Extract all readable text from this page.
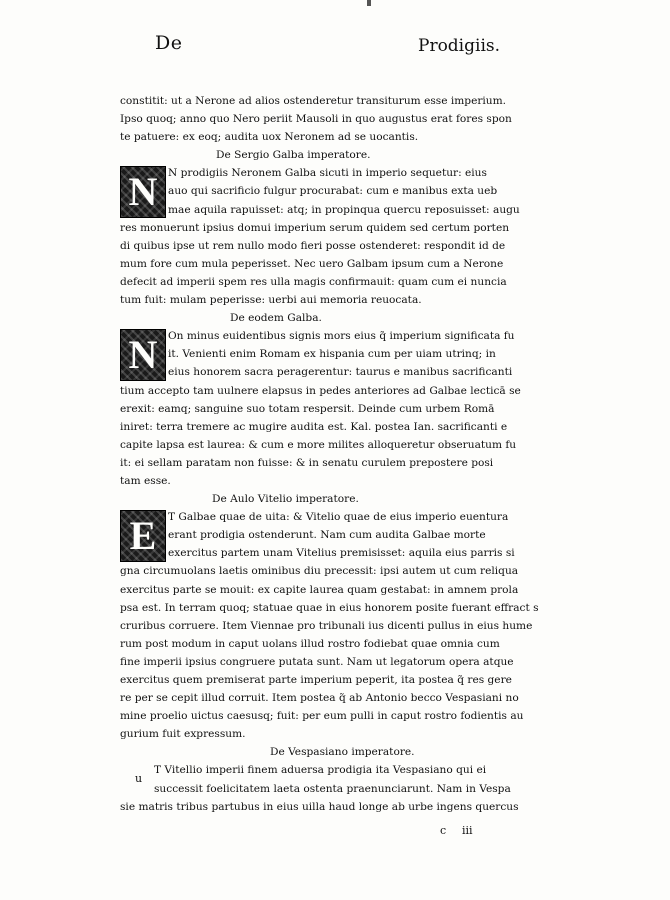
De	Prodigiis.
constitit: ut a Nerone ad alios ostenderetur transiturum esse imperium.
Ipso quoq; anno quo Nero periit Mausoli in quo augustus erat fores spon
te patuere: ex eoq; audita uox Neronem ad se uocantis.
De Sergio Galba imperatore.
N N prodigiis Neronem Galba sicuti in imperio sequetur: eius
auo qui sacrificio fulgur procurabat: cum e manibus exta ueb
mae aquila rapuisset: atq; in propinqua quercu reposuisset: augu
res monuerunt ipsius domui imperium serum quidem sed certum porten
di quibus ipse ut rem nullo modo fieri posse ostenderet: respondit id de
mum fore cum mula peperisset. Nec uero Galbam ipsum cum a Nerone
defecit ad imperii spem res ulla magis confirmauit: quam cum ei nuncia
tum fuit: mulam peperisse: uerbi aui memoria reuocata.
De eodem Galba.
N On minus euidentibus signis mors eius q̃ imperium significata fu
it. Venienti enim Romam ex hispania cum per uiam utrinq; in
eius honorem sacra peragerentur: taurus e manibus sacrificanti
tium accepto tam uulnere elapsus in pedes anteriores ad Galbae lecticā se
erexit: eamq; sanguine suo totam respersit. Deinde cum urbem Romā
iniret: terra tremere ac mugire audita est. Kal. postea Ian. sacrificanti e
capite lapsa est laurea: & cum e more milites alloqueretur obseruatum fu
it: ei sellam paratam non fuisse: & in senatu curulem prepostere posi
tam esse.
De Aulo Vitelio imperatore.
E	T Galbae quae de uita: & Vitelio quae de eius imperio euentura
erant prodigia ostenderunt. Nam cum audita Galbae morte
exercitus partem unam Vitelius premisisset: aquila eius parris si
gna circumuolans laetis ominibus diu precessit: ipsi autem ut cum reliqua
exercitus parte se mouit: ex capite laurea quam gestabat: in amnem prola
psa est. In terram quoq; statuae quae in eius honorem posite fuerant effract s
cruribus corruere. Item Viennae pro tribunali ius dicenti pullus in eius hume
rum post modum in caput uolans illud rostro fodiebat quae omnia cum
fine imperii ipsius congruere putata sunt. Nam ut legatorum opera atque
exercitus quem premiserat parte imperium peperit, ita postea q̃ res gere
re per se cepit illud corruit. Item postea q̃ ab Antonio becco Vespasiani no
mine proelio uictus caesusq; fuit: per eum pulli in caput rostro fodientis au
gurium fuit expressum.
De Vespasiano imperatore.
T Vitellio imperii finem aduersa prodigia ita Vespasiano qui ei
successit foelicitatem laeta ostenta praenunciarunt. Nam in Vespa
sie matris tribus partubus in eius uilla haud longe ab urbe ingens quercus
u
c iii
